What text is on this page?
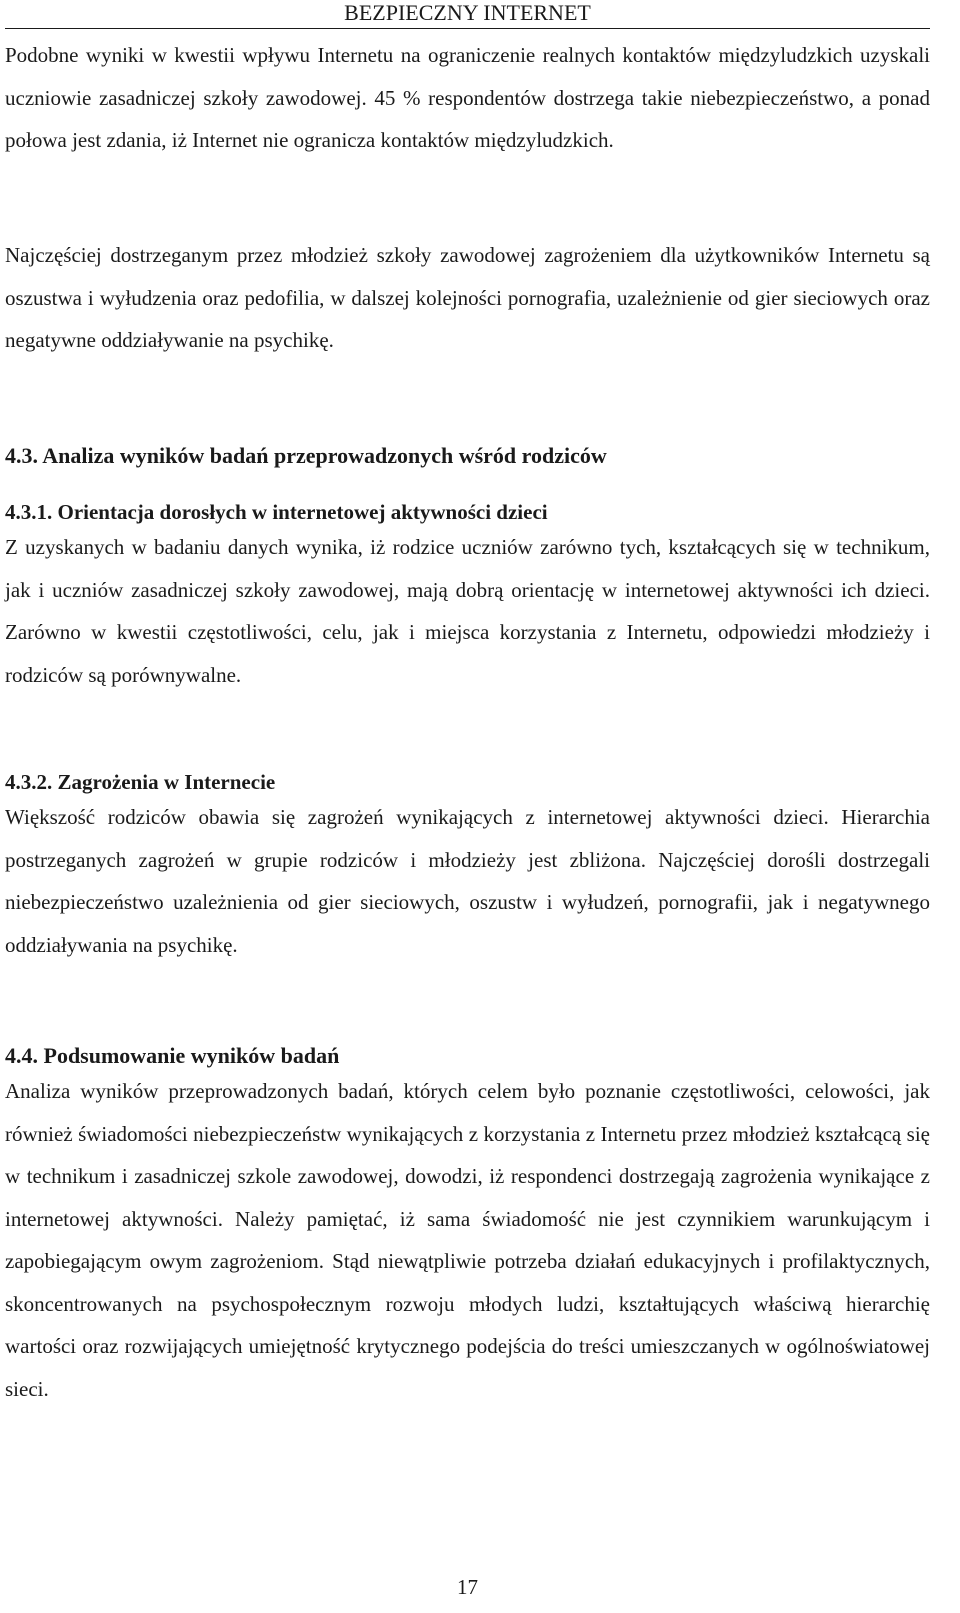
BEZPIECZNY INTERNET

Podobne wyniki w kwestii wpływu Internetu na ograniczenie realnych kontaktów międzyludzkich uzyskali uczniowie zasadniczej szkoły zawodowej. 45 % respondentów dostrzega takie niebezpieczeństwo, a ponad połowa jest zdania, iż Internet nie ogranicza kontaktów międzyludzkich.

Najczęściej dostrzeganym przez młodzież szkoły zawodowej zagrożeniem dla użytkowników Internetu są oszustwa i wyłudzenia oraz pedofilia, w dalszej kolejności pornografia, uzależnienie od gier sieciowych oraz negatywne oddziaływanie na psychikę.

4.3. Analiza wyników badań przeprowadzonych wśród rodziców
4.3.1. Orientacja dorosłych w internetowej aktywności dzieci

Z uzyskanych w badaniu danych wynika, iż rodzice uczniów zarówno tych, kształcących się w technikum, jak i uczniów zasadniczej szkoły zawodowej, mają dobrą orientację w internetowej aktywności ich dzieci. Zarówno w kwestii częstotliwości, celu, jak i miejsca korzystania z Internetu, odpowiedzi młodzieży i rodziców są porównywalne.

4.3.2. Zagrożenia w Internecie

Większość rodziców obawia się zagrożeń wynikających z internetowej aktywności dzieci. Hierarchia postrzeganych zagrożeń w grupie rodziców i młodzieży jest zbliżona. Najczęściej dorośli dostrzegali niebezpieczeństwo uzależnienia od gier sieciowych, oszustw i wyłudzeń, pornografii, jak i negatywnego oddziaływania na psychikę.

4.4. Podsumowanie wyników badań

Analiza wyników przeprowadzonych badań, których celem było poznanie częstotliwości, celowości, jak również świadomości niebezpieczeństw wynikających z korzystania z Internetu przez młodzież kształcącą się w technikum i zasadniczej szkole zawodowej, dowodzi, iż respondenci dostrzegają zagrożenia wynikające z internetowej aktywności. Należy pamiętać, iż sama świadomość nie jest czynnikiem warunkującym i zapobiegającym owym zagrożeniom. Stąd niewątpliwie potrzeba działań edukacyjnych i profilaktycznych, skoncentrowanych na psychospołecznym rozwoju młodych ludzi, kształtujących właściwą hierarchię wartości oraz rozwijających umiejętność krytycznego podejścia do treści umieszczanych w ogólnoświatowej sieci.

17
